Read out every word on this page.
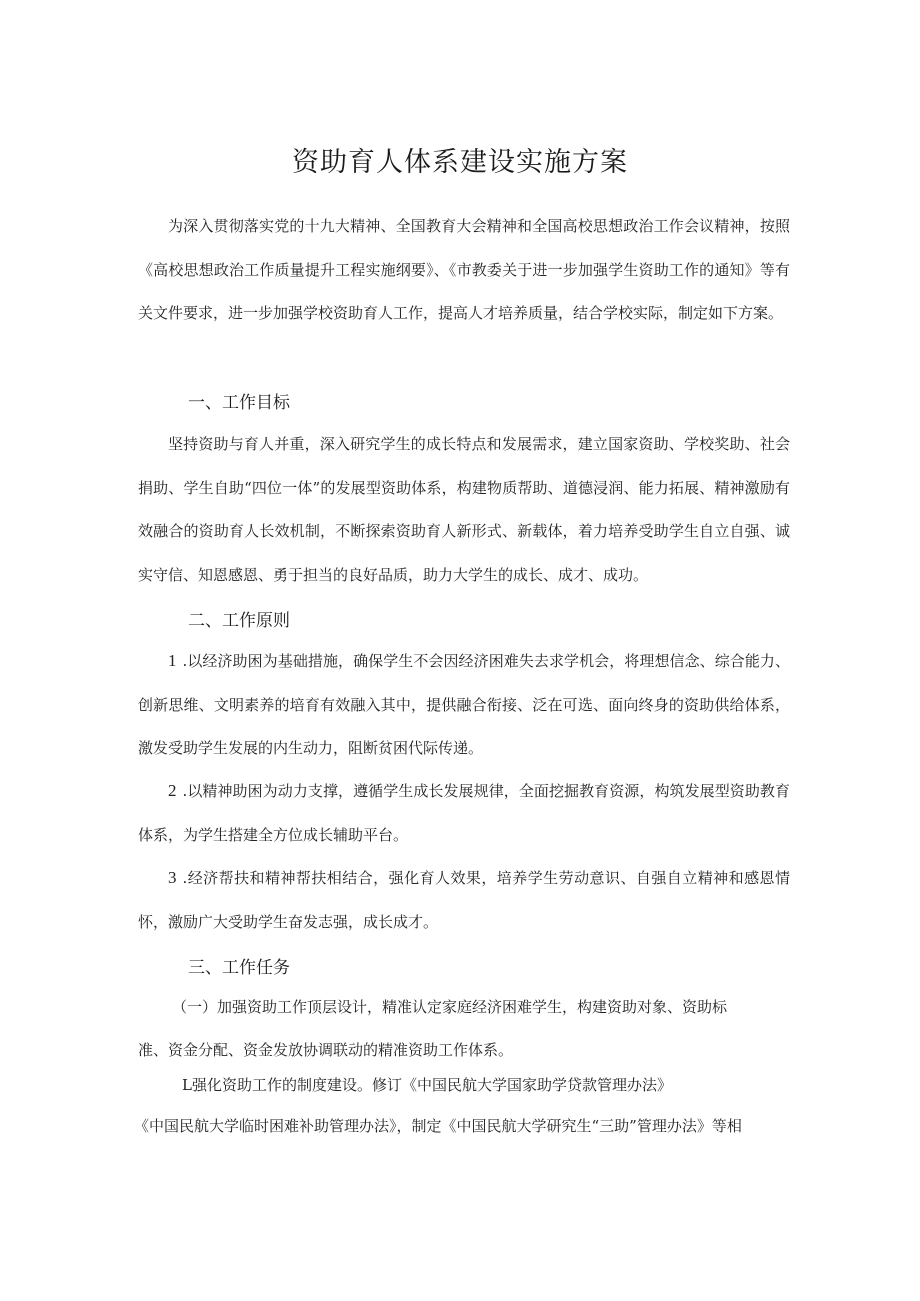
资助育人体系建设实施方案
为深入贯彻落实党的十九大精神、全国教育大会精神和全国高校思想政治工作会议精神，按照《高校思想政治工作质量提升工程实施纲要》、《市教委关于进一步加强学生资助工作的通知》等有关文件要求，进一步加强学校资助育人工作，提高人才培养质量，结合学校实际，制定如下方案。
一、工作目标
坚持资助与育人并重，深入研究学生的成长特点和发展需求，建立国家资助、学校奖助、社会捐助、学生自助“四位一体”的发展型资助体系，构建物质帮助、道德浸润、能力拓展、精神激励有效融合的资助育人长效机制，不断探索资助育人新形式、新载体，着力培养受助学生自立自强、诚实守信、知恩感恩、勇于担当的良好品质，助力大学生的成长、成才、成功。
二、工作原则
1 .以经济助困为基础措施，确保学生不会因经济困难失去求学机会，将理想信念、综合能力、创新思维、文明素养的培育有效融入其中，提供融合衔接、泛在可选、面向终身的资助供给体系，激发受助学生发展的内生动力，阻断贫困代际传递。
2 .以精神助困为动力支撑，遵循学生成长发展规律，全面挖掘教育资源，构筑发展型资助教育体系，为学生搭建全方位成长辅助平台。
3 .经济帮扶和精神帮扶相结合，强化育人效果，培养学生劳动意识、自强自立精神和感恩情怀，激励广大受助学生奋发志强，成长成才。
三、工作任务
（一）加强资助工作顶层设计，精准认定家庭经济困难学生，构建资助对象、资助标
准、资金分配、资金发放协调联动的精准资助工作体系。
L强化资助工作的制度建设。修订《中国民航大学国家助学贷款管理办法》
《中国民航大学临时困难补助管理办法》，制定《中国民航大学研究生“三助”管理办法》等相
